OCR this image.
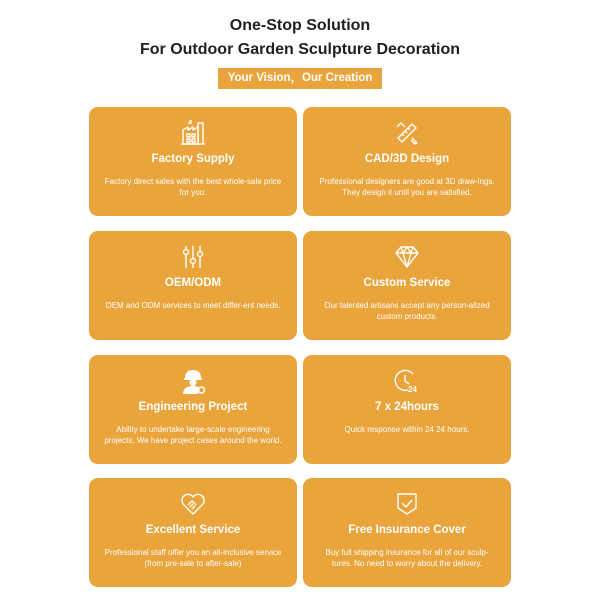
One-Stop Solution
For Outdoor Garden Sculpture Decoration
Your Vision，Our Creation
Factory Supply
Factory direct sales with the best whole-sale price for you.
CAD/3D Design
Professional designers are good at 3D draw-ings. They design it until you are satisfied.
OEM/ODM
OEM and ODM services to meet differ-ent needs.
Custom Service
Our talented artisans accept any person-alized custom products.
Engineering Project
Ability to undertake large-scale engineering projects. We have project cases around the world.
24
7 x 24hours
Quick response within 24 24 hours.
Excellent Service
Professional staff offer you an all-inclusive service (from pre-sale to after-sale)
Free Insurance Cover
Buy full shipping insurance for all of our sculp-tures. No need to worry about the delivery.
